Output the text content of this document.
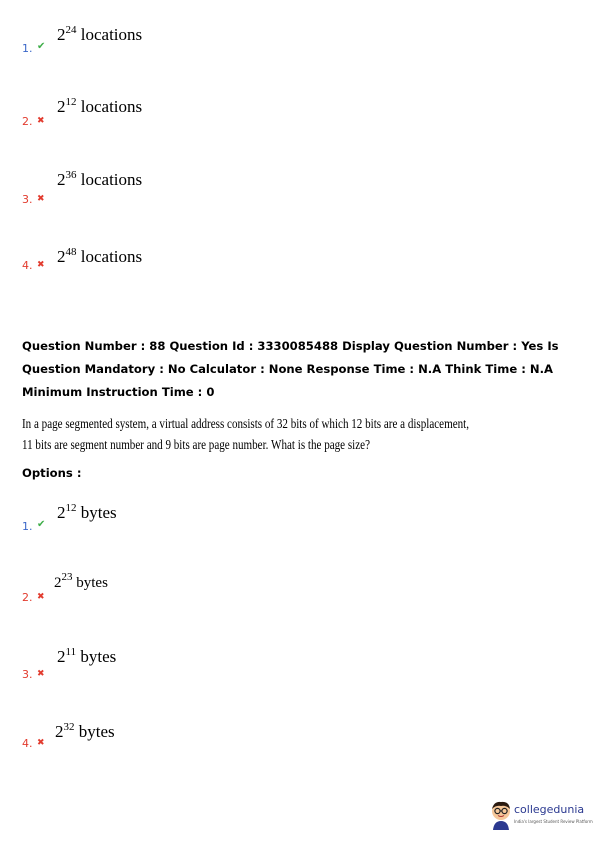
1. ✔
$2^{24}$ locations
2. ✖
$2^{12}$ locations
3. ✖
$2^{36}$ locations
4. ✖ $2^{48}$ locations
Question Number : 88 Question Id : 3330085488 Display Question Number : Yes Is Question Mandatory : No Calculator : None Response Time : N.A Think Time : N.A Minimum Instruction Time : 0
In a page segmented system, a virtual address consists of 32 bits of which 12 bits are a displacement,
11 bits are segment number and 9 bits are page number. What is the page size?
Options :
1. ✔
$2^{12}$ bytes
2. ✖
$2^{23}$ bytes
3. ✖
$2^{11}$ bytes
4. ✖
$2^{32}$ bytes
collegedunia
India's largest Student Review Platform
